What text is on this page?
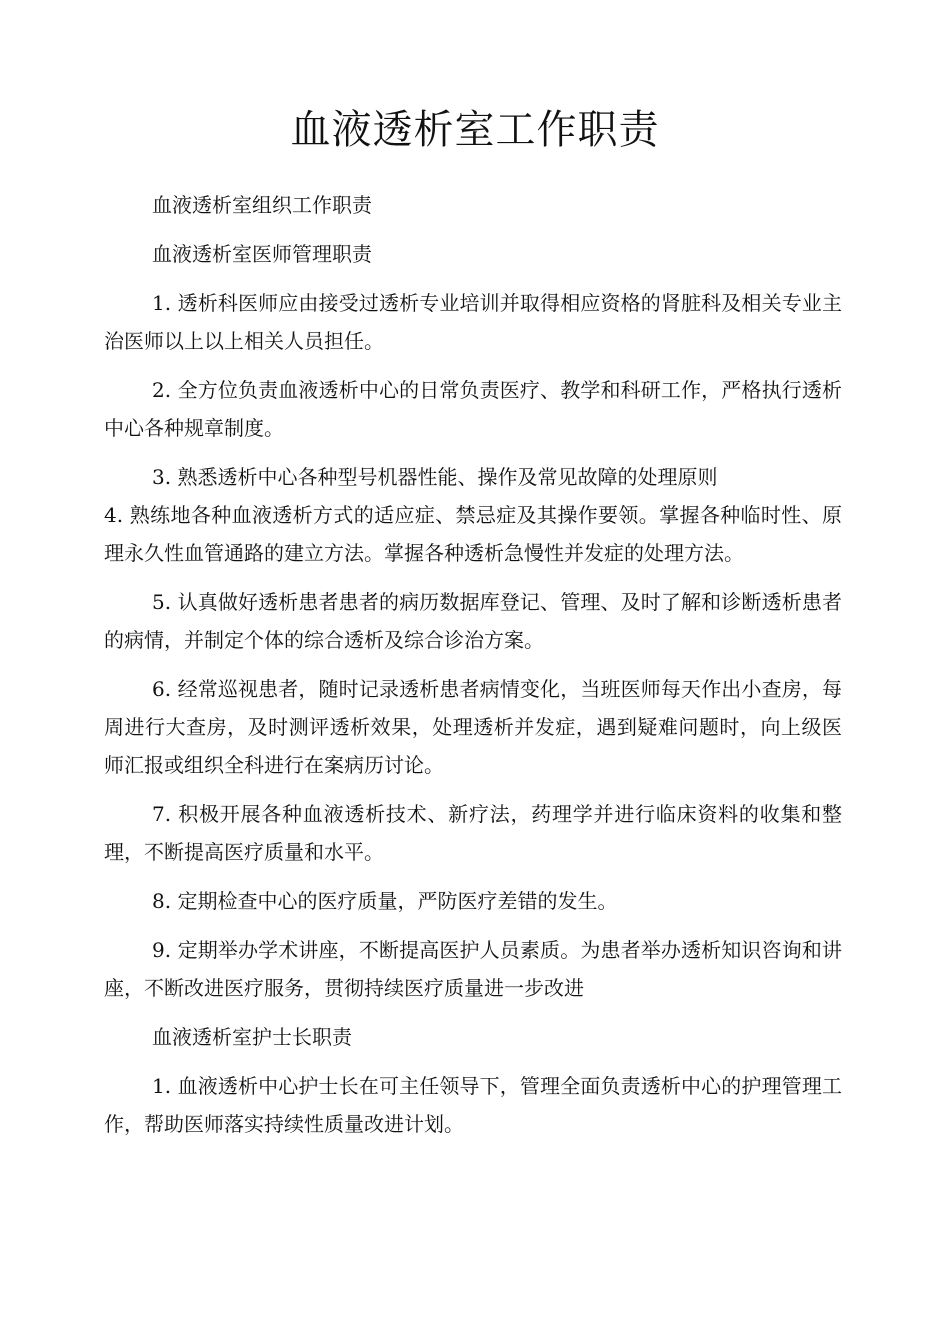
血液透析室工作职责

血液透析室组织工作职责

血液透析室医师管理职责

1. 透析科医师应由接受过透析专业培训并取得相应资格的肾脏科及相关专业主治医师以上以上相关人员担任。

2. 全方位负责血液透析中心的日常负责医疗、教学和科研工作，严格执行透析中心各种规章制度。

3. 熟悉透析中心各种型号机器性能、操作及常见故障的处理原则

4. 熟练地各种血液透析方式的适应症、禁忌症及其操作要领。掌握各种临时性、原理永久性血管通路的建立方法。掌握各种透析急慢性并发症的处理方法。

5. 认真做好透析患者患者的病历数据库登记、管理、及时了解和诊断透析患者的病情，并制定个体的综合透析及综合诊治方案。

6. 经常巡视患者，随时记录透析患者病情变化，当班医师每天作出小查房，每周进行大查房，及时测评透析效果，处理透析并发症，遇到疑难问题时，向上级医师汇报或组织全科进行在案病历讨论。

7. 积极开展各种血液透析技术、新疗法，药理学并进行临床资料的收集和整理，不断提高医疗质量和水平。

8. 定期检查中心的医疗质量，严防医疗差错的发生。

9. 定期举办学术讲座，不断提高医护人员素质。为患者举办透析知识咨询和讲座，不断改进医疗服务，贯彻持续医疗质量进一步改进

血液透析室护士长职责

1. 血液透析中心护士长在可主任领导下，管理全面负责透析中心的护理管理工作，帮助医师落实持续性质量改进计划。
